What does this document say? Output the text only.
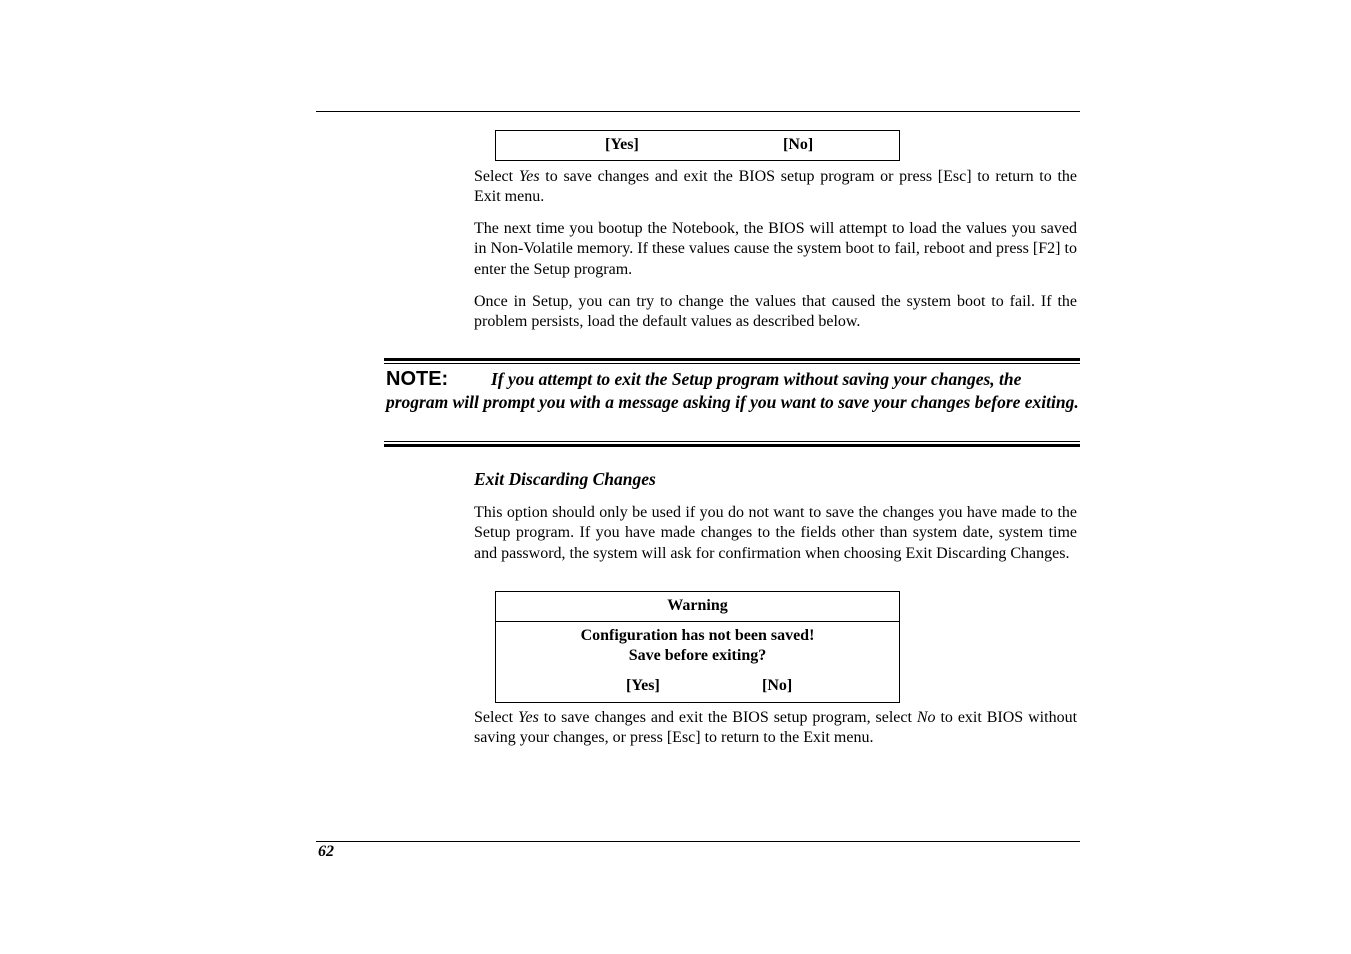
[Yes]	[No]

Select Yes to save changes and exit the BIOS setup program or press [Esc] to return to the Exit menu.

The next time you bootup the Notebook, the BIOS will attempt to load the values you saved in Non-Volatile memory. If these values cause the system boot to fail, reboot and press [F2] to enter the Setup program.

Once in Setup, you can try to change the values that caused the system boot to fail. If the problem persists, load the default values as described below.

NOTE: If you attempt to exit the Setup program without saving your changes, the program will prompt you with a message asking if you want to save your changes before exiting.

Exit Discarding Changes

This option should only be used if you do not want to save the changes you have made to the Setup program. If you have made changes to the fields other than system date, system time and password, the system will ask for confirmation when choosing Exit Discarding Changes.

Warning
Configuration has not been saved!
Save before exiting?
[Yes]	[No]

Select Yes to save changes and exit the BIOS setup program, select No to exit BIOS without saving your changes, or press [Esc] to return to the Exit menu.

62
